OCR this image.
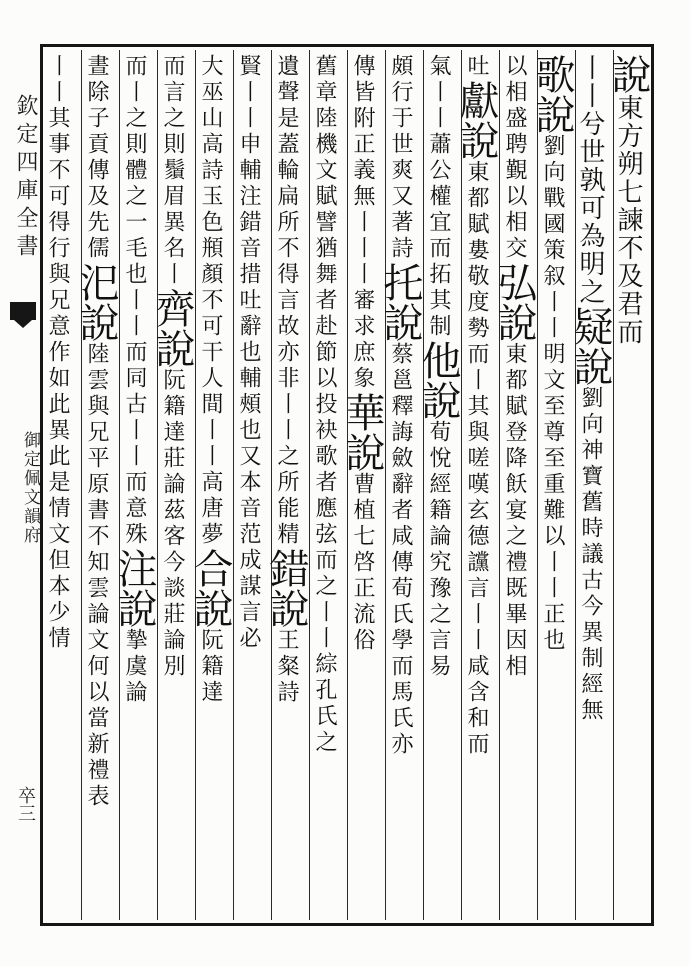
欽定四庫全書
御定佩文韻府
卒三
說東方朔七諫不及君而
丨丨兮世孰可為明之疑說劉向神寶舊時議古今異制經無
歌說劉向戰國策叙丨丨明文至尊至重難以丨丨正也
以相盛聘覲以相交弘說東都賦登降飫宴之禮既畢因相
吐獻說東都賦婁敬度勢而丨其與嗟嘆玄德讜言丨丨咸含和而
氣丨丨蕭公權宜而拓其制他說荀悅經籍論究豫之言易
頗行于世爽又著詩托說蔡邕釋誨斂辭者咸傳荀氏學而馬氏亦
傳皆附正義無丨丨丨審求庶象華說曹植七啓正流俗
舊章陸機文賦譬猶舞者赴節以投袂歌者應弦而之丨丨綜孔氏之
遺聲是蓋輪扁所不得言故亦非丨丨之所能精錯說王粲詩
賢丨丨申輔注錯音措吐辭也輔頰也又本音范成謀言必
大巫山高詩玉色頩顏不可干人間丨丨高唐夢合說阮籍達
而言之則鬚眉異名丨齊說阮籍達莊論茲客今談莊論別
而丨之則體之一毛也丨丨而同古丨丨而意殊注說摯虞論
晝除子貢傳及先儒汜說陸雲與兄平原書不知雲論文何以當新禮表
丨丨其事不可得行與兄意作如此異此是情文但本少情
